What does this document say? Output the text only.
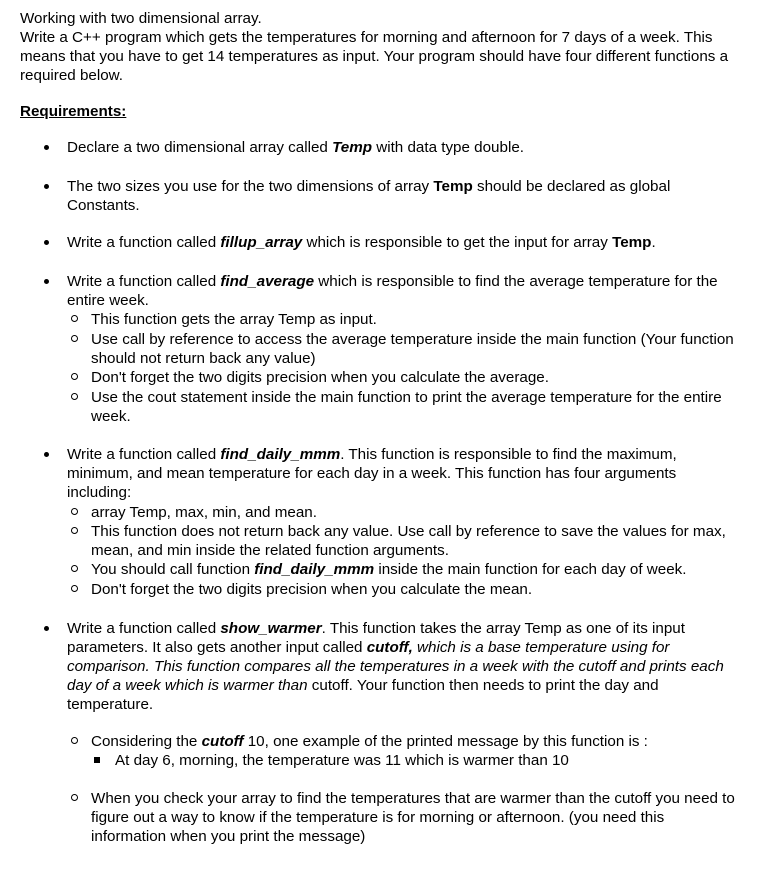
Working with two dimensional array.

Write a C++ program which gets the temperatures for morning and afternoon for 7 days of a week. This means that you have to get 14 temperatures as input. Your program should have four different functions a required below.

Requirements:
Declare a two dimensional array called Temp with data type double.
The two sizes you use for the two dimensions of array Temp should be declared as global Constants.
Write a function called fillup_array which is responsible to get the input for array Temp.
Write a function called find_average which is responsible to find the average temperature for the entire week.
This function gets the array Temp as input.
Use call by reference to access the average temperature inside the main function (Your function should not return back any value)
Don't forget the two digits precision when you calculate the average.
Use the cout statement inside the main function to print the average temperature for the entire week.
Write a function called find_daily_mmm. This function is responsible to find the maximum, minimum, and mean temperature for each day in a week. This function has four arguments including:
array Temp, max, min, and mean.
This function does not return back any value. Use call by reference to save the values for max, mean, and min inside the related function arguments.
You should call function find_daily_mmm inside the main function for each day of week.
Don't forget the two digits precision when you calculate the mean.
Write a function called show_warmer. This function takes the array Temp as one of its input parameters. It also gets another input called cutoff, which is a base temperature using for comparison. This function compares all the temperatures in a week with the cutoff and prints each day of a week which is warmer than cutoff. Your function then needs to print the day and temperature.
Considering the cutoff 10, one example of the printed message by this function is :
At day 6, morning, the temperature was 11 which is warmer than 10
When you check your array to find the temperatures that are warmer than the cutoff you need to figure out a way to know if the temperature is for morning or afternoon. (you need this information when you print the message)
